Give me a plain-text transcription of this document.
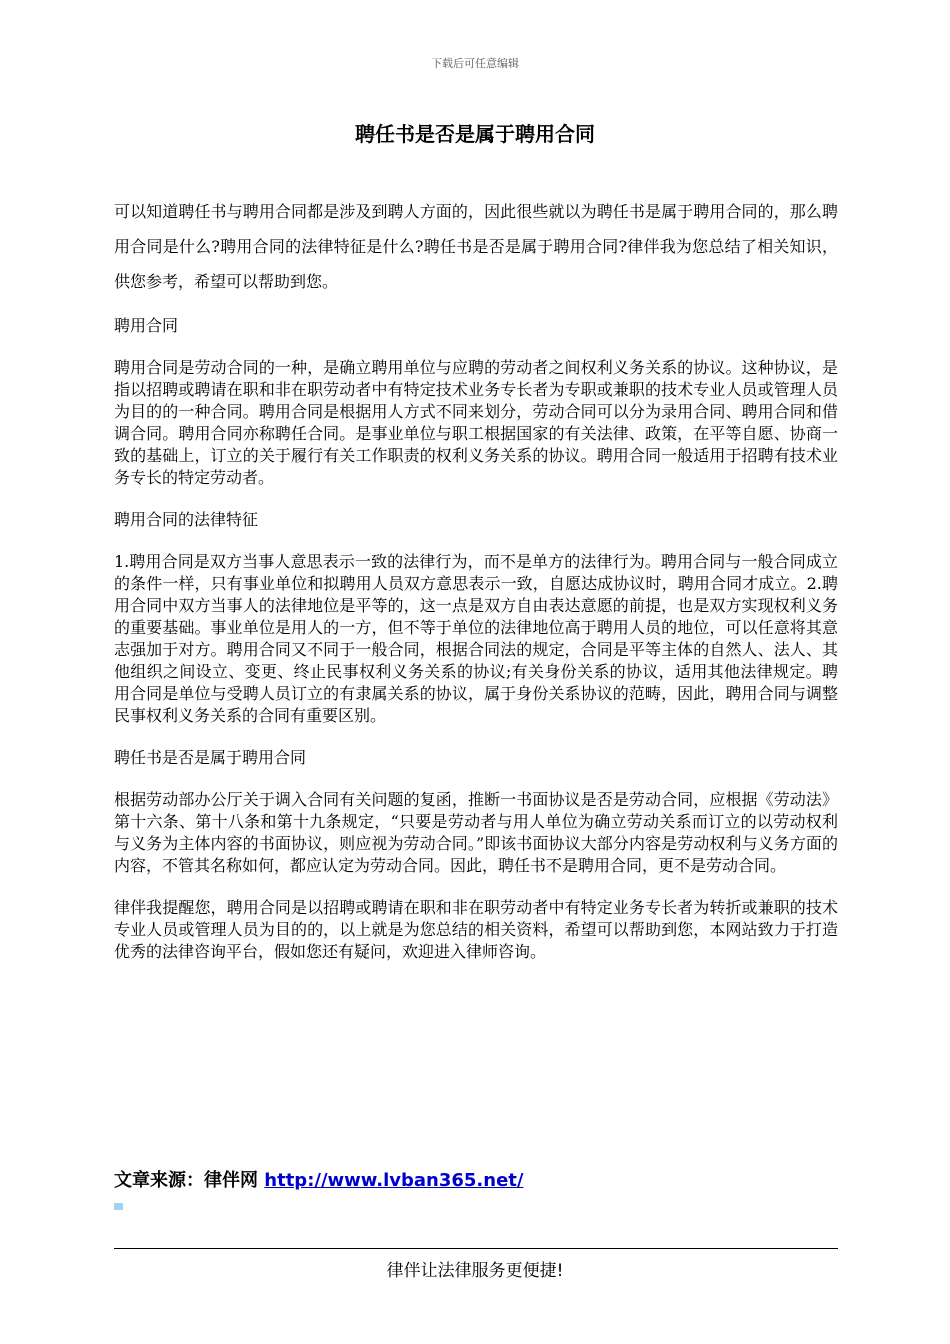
下载后可任意编辑
聘任书是否是属于聘用合同

可以知道聘任书与聘用合同都是涉及到聘人方面的，因此很些就以为聘任书是属于聘用合同的，那么聘用合同是什么?聘用合同的法律特征是什么?聘任书是否是属于聘用合同?律伴我为您总结了相关知识，供您参考，希望可以帮助到您。

聘用合同

聘用合同是劳动合同的一种，是确立聘用单位与应聘的劳动者之间权利义务关系的协议。这种协议，是指以招聘或聘请在职和非在职劳动者中有特定技术业务专长者为专职或兼职的技术专业人员或管理人员为目的的一种合同。聘用合同是根据用人方式不同来划分，劳动合同可以分为录用合同、聘用合同和借调合同。聘用合同亦称聘任合同。是事业单位与职工根据国家的有关法律、政策，在平等自愿、协商一致的基础上，订立的关于履行有关工作职责的权利义务关系的协议。聘用合同一般适用于招聘有技术业务专长的特定劳动者。

聘用合同的法律特征

1.聘用合同是双方当事人意思表示一致的法律行为，而不是单方的法律行为。聘用合同与一般合同成立的条件一样，只有事业单位和拟聘用人员双方意思表示一致，自愿达成协议时，聘用合同才成立。2.聘用合同中双方当事人的法律地位是平等的，这一点是双方自由表达意愿的前提，也是双方实现权利义务的重要基础。事业单位是用人的一方，但不等于单位的法律地位高于聘用人员的地位，可以任意将其意志强加于对方。聘用合同又不同于一般合同，根据合同法的规定，合同是平等主体的自然人、法人、其他组织之间设立、变更、终止民事权利义务关系的协议;有关身份关系的协议，适用其他法律规定。聘用合同是单位与受聘人员订立的有隶属关系的协议，属于身份关系协议的范畴，因此，聘用合同与调整民事权利义务关系的合同有重要区别。

聘任书是否是属于聘用合同

根据劳动部办公厅关于调入合同有关问题的复函，推断一书面协议是否是劳动合同，应根据《劳动法》第十六条、第十八条和第十九条规定，“只要是劳动者与用人单位为确立劳动关系而订立的以劳动权利与义务为主体内容的书面协议，则应视为劳动合同。”即该书面协议大部分内容是劳动权利与义务方面的内容，不管其名称如何，都应认定为劳动合同。因此，聘任书不是聘用合同，更不是劳动合同。

律伴我提醒您，聘用合同是以招聘或聘请在职和非在职劳动者中有特定业务专长者为转折或兼职的技术专业人员或管理人员为目的的，以上就是为您总结的相关资料，希望可以帮助到您，本网站致力于打造优秀的法律咨询平台，假如您还有疑问，欢迎进入律师咨询。

文章来源：律伴网 http://www.lvban365.net/
律伴让法律服务更便捷!
